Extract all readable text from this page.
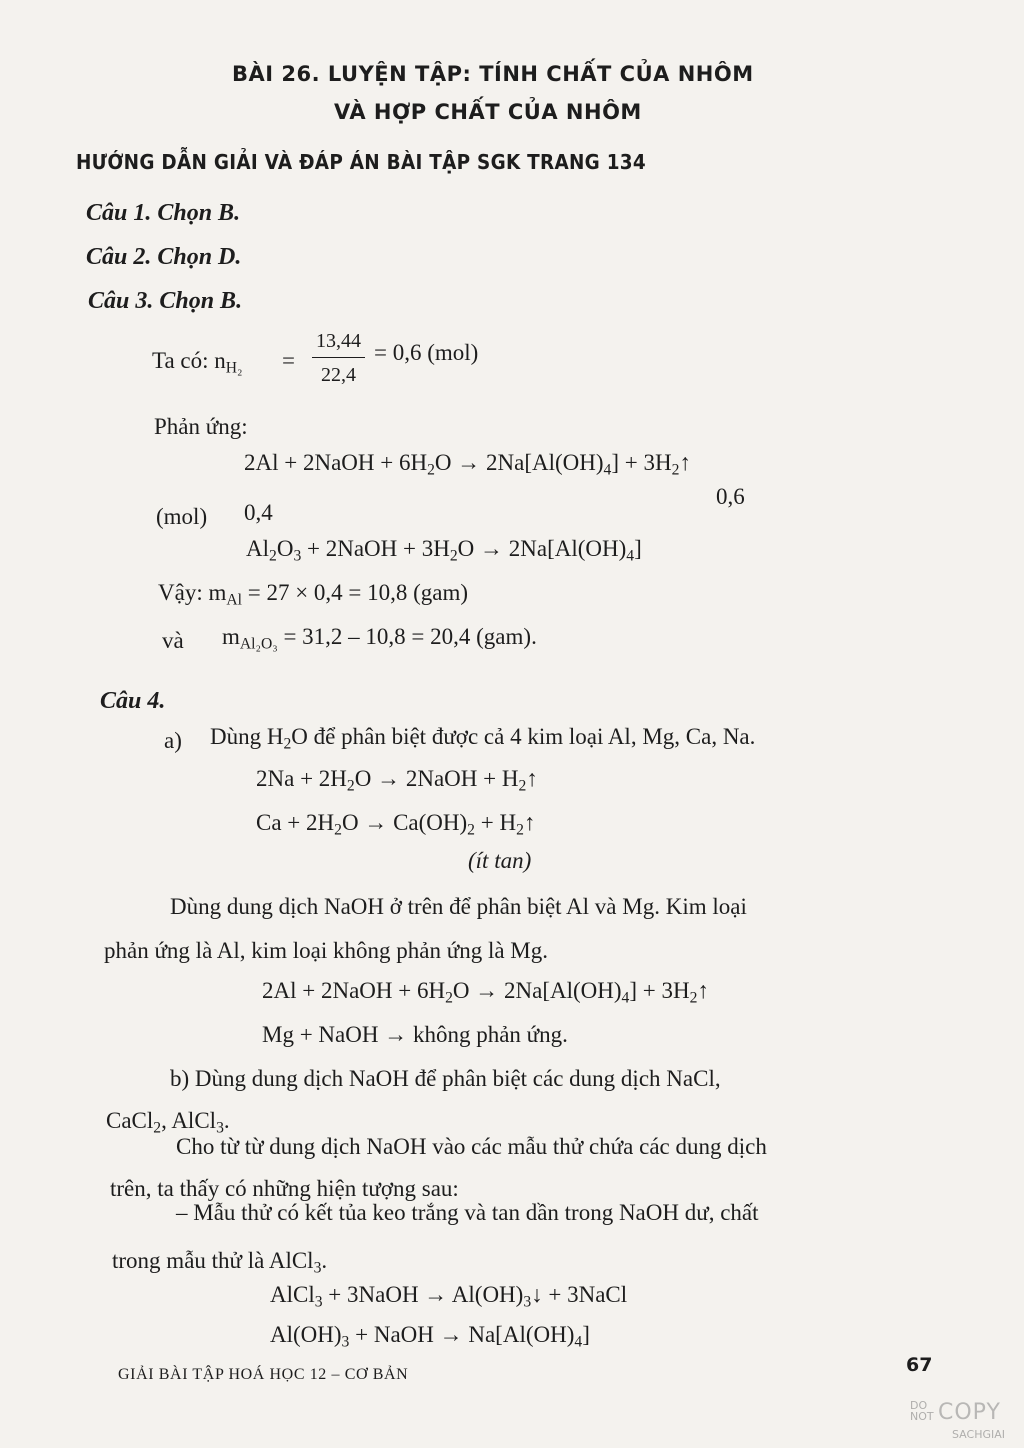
BÀI 26. LUYỆN TẬP: TÍNH CHẤT CỦA NHÔM
VÀ HỢP CHẤT CỦA NHÔM
HƯỚNG DẪN GIẢI VÀ ĐÁP ÁN BÀI TẬP SGK TRANG 134
Câu 1. Chọn B.
Câu 2. Chọn D.
Câu 3. Chọn B.
Ta có: $n_{H_2} = \frac{13,44}{22,4} = 0,6$ (mol)
Phản ứng:
2Al + 2NaOH + $6H_2O \to 2Na[Al(OH)_4]$ + $3H_2↑$
(mol) 0,4
0,6
$Al_2O_3$ + 2NaOH + $3H_2O \to 2Na[Al(OH)_4]$
Vậy: $m_{Al} = 27 \times 0,4 = 10,8$ (gam)
và $m_{Al_2O_3} = 31,2 - 10,8 = 20,4$ (gam).
Câu 4.
a) Dùng $H_2O$ để phân biệt được cả 4 kim loại Al, Mg, Ca, Na.
$2Na + 2H_2O$ → 2NaOH + $H_2↑$
$Ca + 2H_2O \to Ca(OH)_2$ + $H_2↑$
(ít tan)
Dùng dung dịch NaOH ở trên để phân biệt Al và Mg. Kim loại
phản ứng là Al, kim loại không phản ứng là Mg.
2Al + 2NaOH + $6H_2O \to 2Na[Al(OH)_4]$ + $3H_2↑$
Mg + NaOH → không phản ứng.
b) Dùng dung dịch NaOH để phân biệt các dung dịch NaCl,
CaCl$_2$, AlCl$_3$.
Cho từ từ dung dịch NaOH vào các mẫu thử chứa các dung dịch
trên, ta thấy có những hiện tượng sau:
– Mẫu thử có kết tủa keo trắng và tan dần trong NaOH dư, chất
trong mẫu thử là AlCl$_3$.
AlCl$_3$ + 3NaOH → $Al(OH)_3↓$ + 3NaCl
$Al(OH)_3$ + NaOH → $Na[Al(OH)_4]$
GIẢI BÀI TẬP HOÁ HỌC 12 – CƠ BẢN	67
DO NOT COPY
SACHGIAI
